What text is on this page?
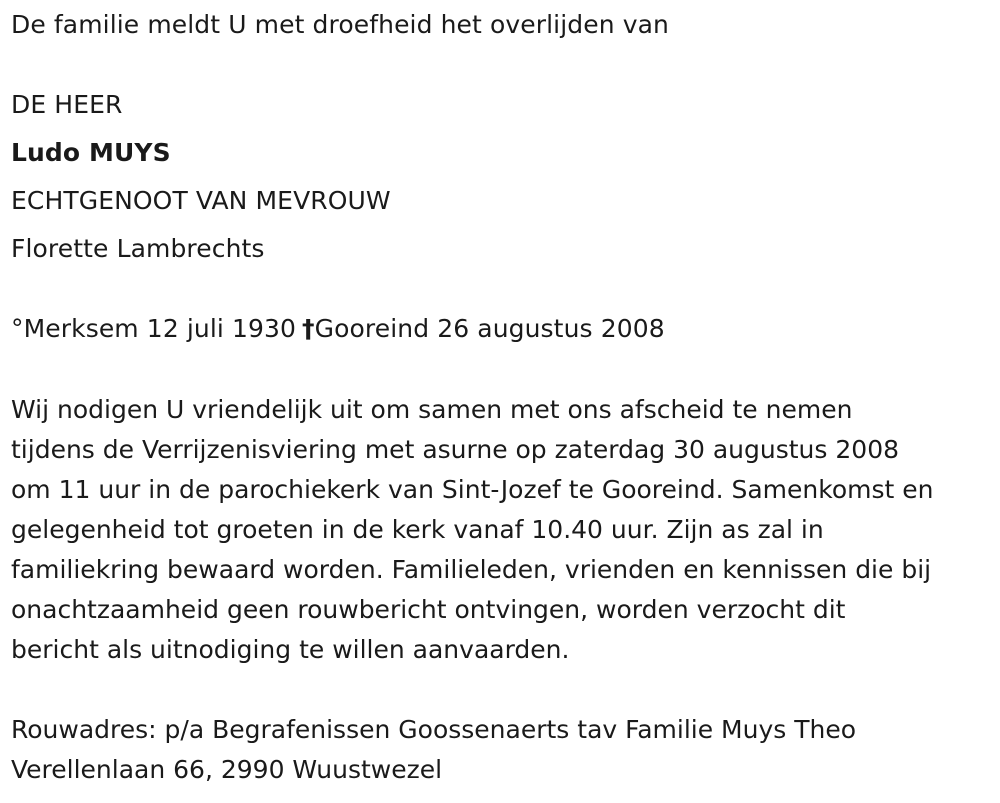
De familie meldt U met droefheid het overlijden van
DE HEER
Ludo MUYS
ECHTGENOOT VAN MEVROUW
Florette Lambrechts
°Merksem 12 juli 1930 †Gooreind 26 augustus 2008
Wij nodigen U vriendelijk uit om samen met ons afscheid te nemen
tijdens de Verrijzenisviering met asurne op zaterdag 30 augustus 2008
om 11 uur in de parochiekerk van Sint-Jozef te Gooreind. Samenkomst en
gelegenheid tot groeten in de kerk vanaf 10.40 uur. Zijn as zal in
familiekring bewaard worden. Familieleden, vrienden en kennissen die bij
onachtzaamheid geen rouwbericht ontvingen, worden verzocht dit
bericht als uitnodiging te willen aanvaarden.
Rouwadres: p/a Begrafenissen Goossenaerts tav Familie Muys Theo
Verellenlaan 66, 2990 Wuustwezel
